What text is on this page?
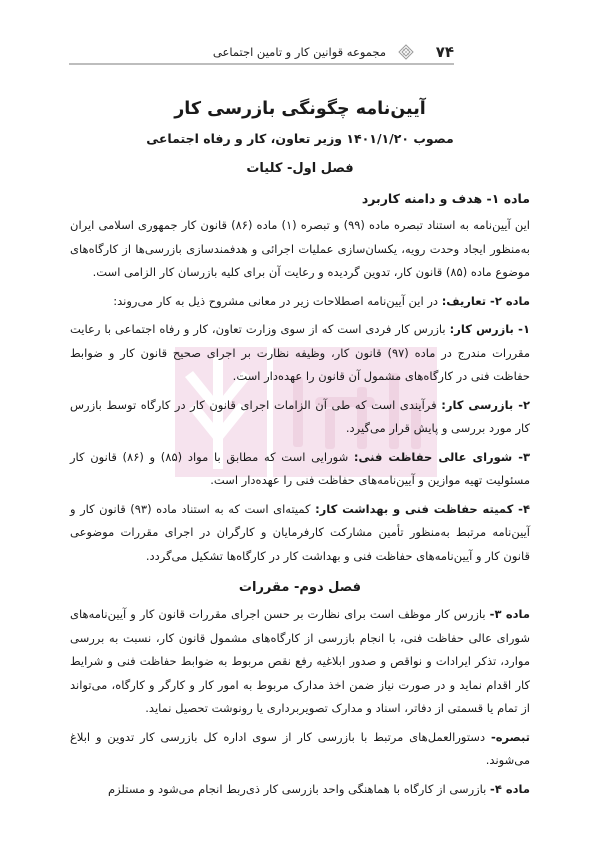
۷۴
مجموعه قوانین کار و تامین اجتماعی
آیین‌نامه چگونگی بازرسی کار
مصوب ۱۴۰۱/۱/۲۰ وزیر تعاون، کار و رفاه اجتماعی
فصل اول- کلیات
ماده ۱- هدف و دامنه کاربرد

این آیین‌نامه به استناد تبصره ماده (۹۹) و تبصره (۱) ماده (۸۶) قانون کار جمهوری اسلامی ایران به‌منظور ایجاد وحدت رویه، یکسان‌سازی عملیات اجرائی و هدفمندسازی بازرسی‌ها از کارگاه‌های موضوع ماده (۸۵) قانون کار، تدوین گردیده و رعایت آن برای کلیه بازرسان کار الزامی است.

ماده ۲- تعاریف: در این آیین‌نامه اصطلاحات زیر در معانی مشروح ذیل به کار می‌روند:

۱- بازرس کار: بازرس کار فردی است که از سوی وزارت تعاون، کار و رفاه اجتماعی با رعایت مقررات مندرج در ماده (۹۷) قانون کار، وظیفه نظارت بر اجرای صحیح قانون کار و ضوابط حفاظت فنی در کارگاه‌های مشمول آن قانون را عهده‌دار است.

۲- بازرسی کار: فرآیندی است که طی آن الزامات اجرای قانون کار در کارگاه توسط بازرس کار مورد بررسی و پایش قرار می‌گیرد.

۳- شورای عالی حفاظت فنی: شورایی است که مطابق با مواد (۸۵) و (۸۶) قانون کار مسئولیت تهیه موازین و آیین‌نامه‌های حفاظت فنی را عهده‌دار است.

۴- کمیته حفاظت فنی و بهداشت کار: کمیته‌ای است که به استناد ماده (۹۳) قانون کار و آیین‌نامه مرتبط به‌منظور تأمین مشارکت کارفرمایان و کارگران در اجرای مقررات موضوعی قانون کار و آیین‌نامه‌های حفاظت فنی و بهداشت کار در کارگاه‌ها تشکیل می‌گردد.

فصل دوم- مقررات

ماده ۳- بازرس کار موظف است برای نظارت بر حسن اجرای مقررات قانون کار و آیین‌نامه‌های شورای عالی حفاظت فنی، با انجام بازرسی از کارگاه‌های مشمول قانون کار، نسبت به بررسی موارد، تذکر ایرادات و نواقص و صدور ابلاغیه رفع نقص مربوط به ضوابط حفاظت فنی و شرایط کار اقدام نماید و در صورت نیاز ضمن اخذ مدارک مربوط به امور کار و کارگر و کارگاه، می‌تواند از تمام یا قسمتی از دفاتر، اسناد و مدارک تصویربرداری یا رونوشت تحصیل نماید.

تبصره- دستورالعمل‌های مرتبط با بازرسی کار از سوی اداره کل بازرسی کار تدوین و ابلاغ می‌شوند.

ماده ۴- بازرسی از کارگاه با هماهنگی واحد بازرسی کار ذی‌ربط انجام می‌شود و مستلزم
